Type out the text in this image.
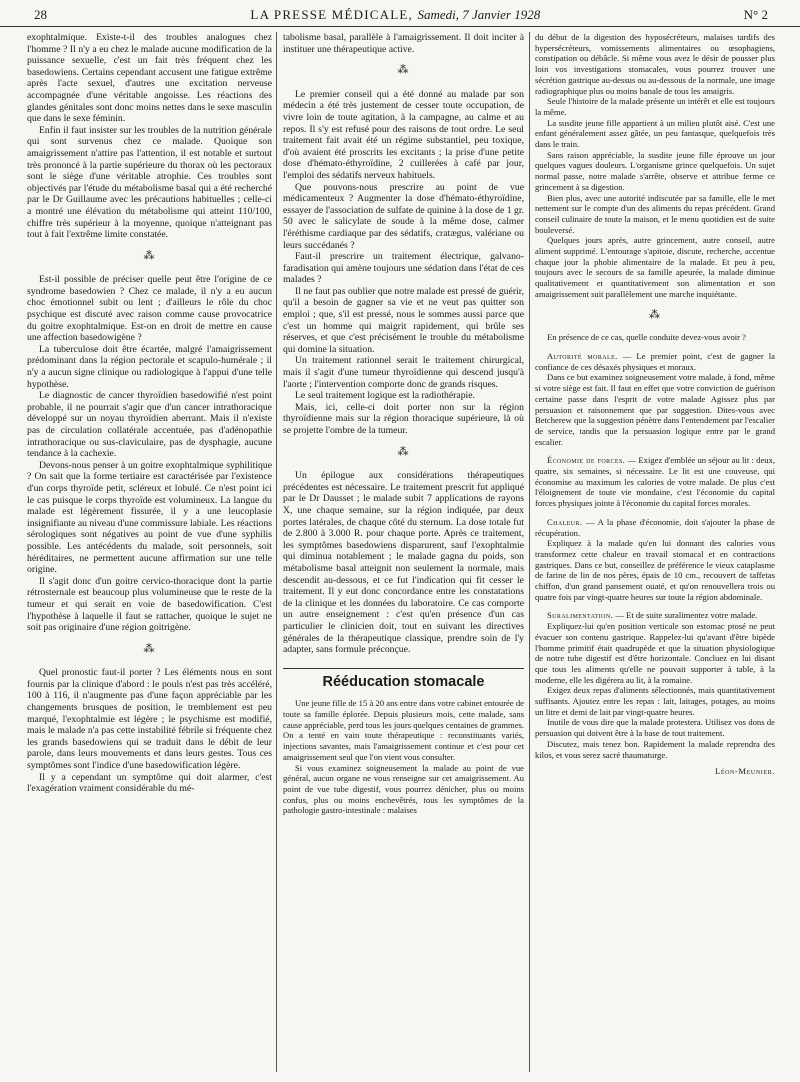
28	LA PRESSE MÉDICALE, Samedi, 7 Janvier 1928	N° 2

exophtalmique. Existe-t-il des troubles analogues chez l'homme ? Il n'y a eu chez le malade aucune modification de la puissance sexuelle, c'est un fait très fréquent chez les basedowiens. Certains cependant accusent une fatigue extrême après l'acte sexuel, d'autres une excitation nerveuse accompagnée d'une véritable angoisse. Les réactions des glandes génitales sont donc moins nettes dans le sexe masculin que dans le sexe féminin.

Enfin il faut insister sur les troubles de la nutrition générale qui sont survenus chez ce malade. Quoique son amaigrissement n'attire pas l'attention, il est notable et surtout très prononcé à la partie supérieure du thorax où les pectoraux sont le siège d'une véritable atrophie. Ces troubles sont objectivés par l'étude du métabolisme basal qui a été recherché par le Dr Guillaume avec les précautions habituelles ; celle-ci a montré une élévation du métabolisme qui atteint 110/100, chiffre très supérieur à la moyenne, quoique n'atteignant pas tout à fait l'extrême limite constatée.

⁂

Est-il possible de préciser quelle peut être l'origine de ce syndrome basedowien ? Chez ce malade, il n'y a eu aucun choc émotionnel subit ou lent ; d'ailleurs le rôle du choc psychique est discuté avec raison comme cause provocatrice du goitre exophtalmique. Est-on en droit de mettre en cause une affection basedowigène ?

La tuberculose doit être écartée, malgré l'amaigrissement prédominant dans la région pectorale et scapulo-humérale ; il n'y a aucun signe clinique ou radiologique à l'appui d'une telle hypothèse.

Le diagnostic de cancer thyroïdien basedowifié n'est point probable, il ne pourrait s'agir que d'un cancer intrathoracique développé sur un noyau thyroïdien aberrant. Mais il n'existe pas de circulation collatérale accentuée, pas d'adénopathie intrathoracique ou sus-claviculaire, pas de dysphagie, aucune tendance à la cachexie.

Devons-nous penser à un goitre exophtalmique syphilitique ? On sait que la forme tertiaire est caractérisée par l'existence d'un corps thyroïde petit, scléreux et lobulé. Ce n'est point ici le cas puisque le corps thyroïde est volumineux. La langue du malade est légèrement fissurée, il y a une leucoplasie insignifiante au niveau d'une commissure labiale. Les réactions sérologiques sont négatives au point de vue d'une syphilis possible. Les antécédents du malade, soit personnels, soit héréditaires, ne permettent aucune affirmation sur une telle origine.

Il s'agit donc d'un goitre cervico-thoracique dont la partie rétrosternale est beaucoup plus volumineuse que le reste de la tumeur et qui serait en voie de basedowification. C'est l'hypothèse à laquelle il faut se rattacher, quoique le sujet ne soit pas originaire d'une région goitrigène.

⁂

Quel pronostic faut-il porter ? Les éléments nous en sont fournis par la clinique d'abord : le pouls n'est pas très accéléré, 100 à 116, il n'augmente pas d'une façon appréciable par les changements brusques de position, le tremblement est peu marqué, l'exophtalmie est légère ; le psychisme est modifié, mais le malade n'a pas cette instabilité fébrile si fréquente chez les grands basedowiens qui se traduit dans le débit de leur parole, dans leurs mouvements et dans leurs gestes. Tous ces symptômes sont l'indice d'une basedowification légère.

Il y a cependant un symptôme qui doit alarmer, c'est l'exagération vraiment considérable du mé-

tabolisme basal, parallèle à l'amaigrissement. Il doit inciter à instituer une thérapeutique active.

⁂

Le premier conseil qui a été donné au malade par son médecin a été très justement de cesser toute occupation, de vivre loin de toute agitation, à la campagne, au calme et au repos. Il s'y est refusé pour des raisons de tout ordre. Le seul traitement fait avait été un régime substantiel, peu toxique, d'où avaient été proscrits les excitants ; la prise d'une petite dose d'hémato-éthyroïdine, 2 cuillerées à café par jour, l'emploi des sédatifs nerveux habituels.

Que pouvons-nous prescrire au point de vue médicamenteux ? Augmenter la dose d'hémato-éthyroïdine, essayer de l'association de sulfate de quinine à la dose de 1 gr. 50 avec le salicylate de soude à la même dose, calmer l'éréthisme cardiaque par des sédatifs, cratægus, valériane ou leurs succédanés ?

Faut-il prescrire un traitement électrique, galvano-faradisation qui amène toujours une sédation dans l'état de ces malades ?

Il ne faut pas oublier que notre malade est pressé de guérir, qu'il a besoin de gagner sa vie et ne veut pas quitter son emploi ; que, s'il est pressé, nous le sommes aussi parce que c'est un homme qui maigrit rapidement, qui brûle ses réserves, et que c'est précisément le trouble du métabolisme qui domine la situation.

Un traitement rationnel serait le traitement chirurgical, mais il s'agit d'une tumeur thyroïdienne qui descend jusqu'à l'aorte ; l'intervention comporte donc de grands risques.

Le seul traitement logique est la radiothérapie.

Mais, ici, celle-ci doit porter non sur la région thyroïdienne mais sur la région thoracique supérieure, là où se projette l'ombre de la tumeur.

⁂

Un épilogue aux considérations thérapeutiques précédentes est nécessaire. Le traitement prescrit fut appliqué par le Dr Dausset ; le malade subit 7 applications de rayons X, une chaque semaine, sur la région indiquée, par deux portes latérales, de chaque côté du sternum. La dose totale fut de 2.800 à 3.000 R. pour chaque porte. Après ce traitement, les symptômes basedowiens disparurent, sauf l'exophtalmie qui diminua notablement ; le malade gagna du poids, son métabolisme basal atteignit non seulement la normale, mais descendit au-dessous, et ce fut l'indication qui fit cesser le traitement. Il y eut donc concordance entre les constatations de la clinique et les données du laboratoire. Ce cas comporte un autre enseignement : c'est qu'en présence d'un cas particulier le clinicien doit, tout en suivant les directives générales de la thérapeutique classique, prendre soin de l'y adapter, sans formule préconçue.

Rééducation stomacale

Une jeune fille de 15 à 20 ans entre dans votre cabinet entourée de toute sa famille éplorée. Depuis plusieurs mois, cette malade, sans cause appréciable, perd tous les jours quelques centaines de grammes. On a tenté en vain toute thérapeutique : reconstituants variés, injections savantes, mais l'amaigrissement continue et c'est pour cet amaigrissement seul que l'on vient vous consulter.

Si vous examinez soigneusement la malade au point de vue général, aucun organe ne vous renseigne sur cet amaigrissement. Au point de vue tube digestif, vous pourrez dénicher, plus ou moins confus, plus ou moins enchevêtrés, tous les symptômes de la pathologie gastro-intestinale : malaises

du début de la digestion des hyposécréteurs, malaises tardifs des hypersécréteurs, vomissements alimentaires ou œsophagiens, constipation ou débâcle. Si même vous avez le désir de pousser plus loin vos investigations stomacales, vous pourrez trouver une sécrétion gastrique au-dessus ou au-dessous de la normale, une image radiographique plus ou moins banale de tous les amaigris.

Seule l'histoire de la malade présente un intérêt et elle est toujours la même.

La susdite jeune fille appartient à un milieu plutôt aisé. C'est une enfant généralement assez gâtée, un peu fantasque, quelquefois très dans le train.

Sans raison appréciable, la susdite jeune fille éprouve un jour quelques vagues douleurs. L'organisme grince quelquefois. Un sujet normal passe, notre malade s'arrête, observe et attribue ferme ce grincement à sa digestion.

Bien plus, avec une autorité indiscutée par sa famille, elle le met nettement sur le compte d'un des aliments du repas précédent. Grand conseil culinaire de toute la maison, et le menu quotidien est de suite bouleversé.

Quelques jours après, autre grincement, autre conseil, autre aliment supprimé. L'entourage s'apitoie, discute, recherche, accentue chaque jour la phobie alimentaire de la malade. Et peu à peu, toujours avec le secours de sa famille apeurée, la malade diminue qualitativement et quantitativement son alimentation et son amaigrissement suit parallèlement une marche inquiétante.

⁂

En présence de ce cas, quelle conduite devez-vous avoir ?

Autorité morale. — Le premier point, c'est de gagner la confiance de ces désaxés physiques et moraux.

Dans ce but examinez soigneusement votre malade, à fond, même si votre siège est fait. Il faut en effet que votre conviction de guérison certaine passe dans l'esprit de votre malade Agissez plus par persuasion et raisonnement que par suggestion. Dites-vous avec Betcherew que la suggestion pénètre dans l'entendement par l'escalier de service, tandis que la persuasion logique entre par le grand escalier.

Économie de forces. — Exigez d'emblée un séjour au lit : deux, quatre, six semaines, si nécessaire. Le lit est une couveuse, qui économise au maximum les calories de votre malade. De plus c'est l'éloignement de toute vie mondaine, c'est l'économie du capital forces physiques jointe à l'économie du capital forces morales.

Chaleur. — A la phase d'économie, doit s'ajouter la phase de récupération.

Expliquez à la malade qu'en lui donnant des calories vous transformez cette chaleur en travail stomacal et en contractions gastriques. Dans ce but, conseillez de préférence le vieux cataplasme de farine de lin de nos pères, épais de 10 cm., recouvert de taffetas chiffon, d'un grand pansement ouaté, et qu'on renouvellera trois ou quatre fois par vingt-quatre heures sur toute la région abdominale.

Suralimentation. — Et de suite suralimentez votre malade.

Expliquez-lui qu'en position verticale son estomac ptosé ne peut évacuer son contenu gastrique. Rappelez-lui qu'avant d'être bipède l'homme primitif était quadrupède et que la situation physiologique de notre tube digestif est d'être horizontale. Concluez en lui disant que tous les aliments qu'elle ne pouvait supporter à table, à la moderne, elle les digérera au lit, à la romaine.

Exigez deux repas d'aliments sélectionnés, mais quantitativement suffisants. Ajoutez entre les repas : lait, laitages, potages, au moins un litre et demi de lait par vingt-quatre heures.

Inutile de vous dire que la malade protestera. Utilisez vos dons de persuasion qui doivent être à la base de tout traitement.

Discutez, mais tenez bon. Rapidement la malade reprendra des kilos, et vous serez sacré thaumaturge.

Léon-Meunier.
